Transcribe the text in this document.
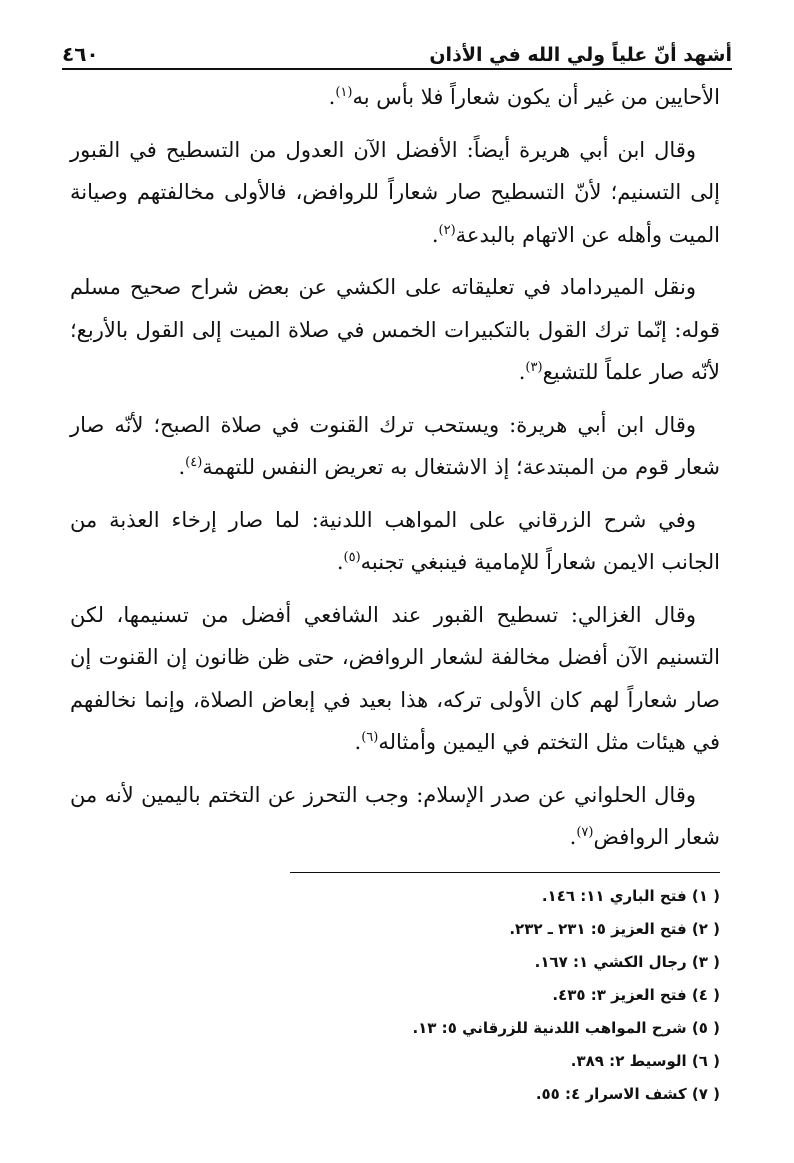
أشهد أنّ علياً ولي الله في الأذان
٤٦٠

الأحايين من غير أن يكون شعاراً فلا بأس به$^{(١)}$.

وقال ابن أبي هريرة أيضاً: الأفضل الآن العدول من التسطيح في القبور إلى التسنيم؛ لأنّ التسطيح صار شعاراً للروافض، فالأولى مخالفتهم وصيانة الميت وأهله عن الاتهام بالبدعة$^{(٢)}$.

ونقل الميرداماد في تعليقاته على الكشي عن بعض شراح صحيح مسلم قوله: إنّما ترك القول بالتكبيرات الخمس في صلاة الميت إلى القول بالأربع؛ لأنّه صار علماً للتشيع$^{(٣)}$.

وقال ابن أبي هريرة: ويستحب ترك القنوت في صلاة الصبح؛ لأنّه صار شعار قوم من المبتدعة؛ إذ الاشتغال به تعريض النفس للتهمة$^{(٤)}$.

وفي شرح الزرقاني على المواهب اللدنية: لما صار إرخاء العذبة من الجانب الايمن شعاراً للإمامية فينبغي تجنبه$^{(٥)}$.

وقال الغزالي: تسطيح القبور عند الشافعي أفضل من تسنيمها، لكن التسنيم الآن أفضل مخالفة لشعار الروافض، حتى ظن ظانون إن القنوت إن صار شعاراً لهم كان الأولى تركه، هذا بعيد في إبعاض الصلاة، وإنما نخالفهم في هيئات مثل التختم في اليمين وأمثاله$^{(٦)}$.

وقال الحلواني عن صدر الإسلام: وجب التحرز عن التختم باليمين لأنه من شعار الروافض$^{(٧)}$.

( ١) فتح الباري ١١: ١٤٦.
( ٢) فتح العزيز ٥: ٢٣١ ـ ٢٣٢.
( ٣) رجال الكشي ١: ١٦٧.
( ٤) فتح العزيز ٣: ٤٣٥.
( ٥) شرح المواهب اللدنية للزرقاني ٥: ١٣.
( ٦) الوسيط ٢: ٣٨٩.
( ٧) كشف الاسرار ٤: ٥٥.
